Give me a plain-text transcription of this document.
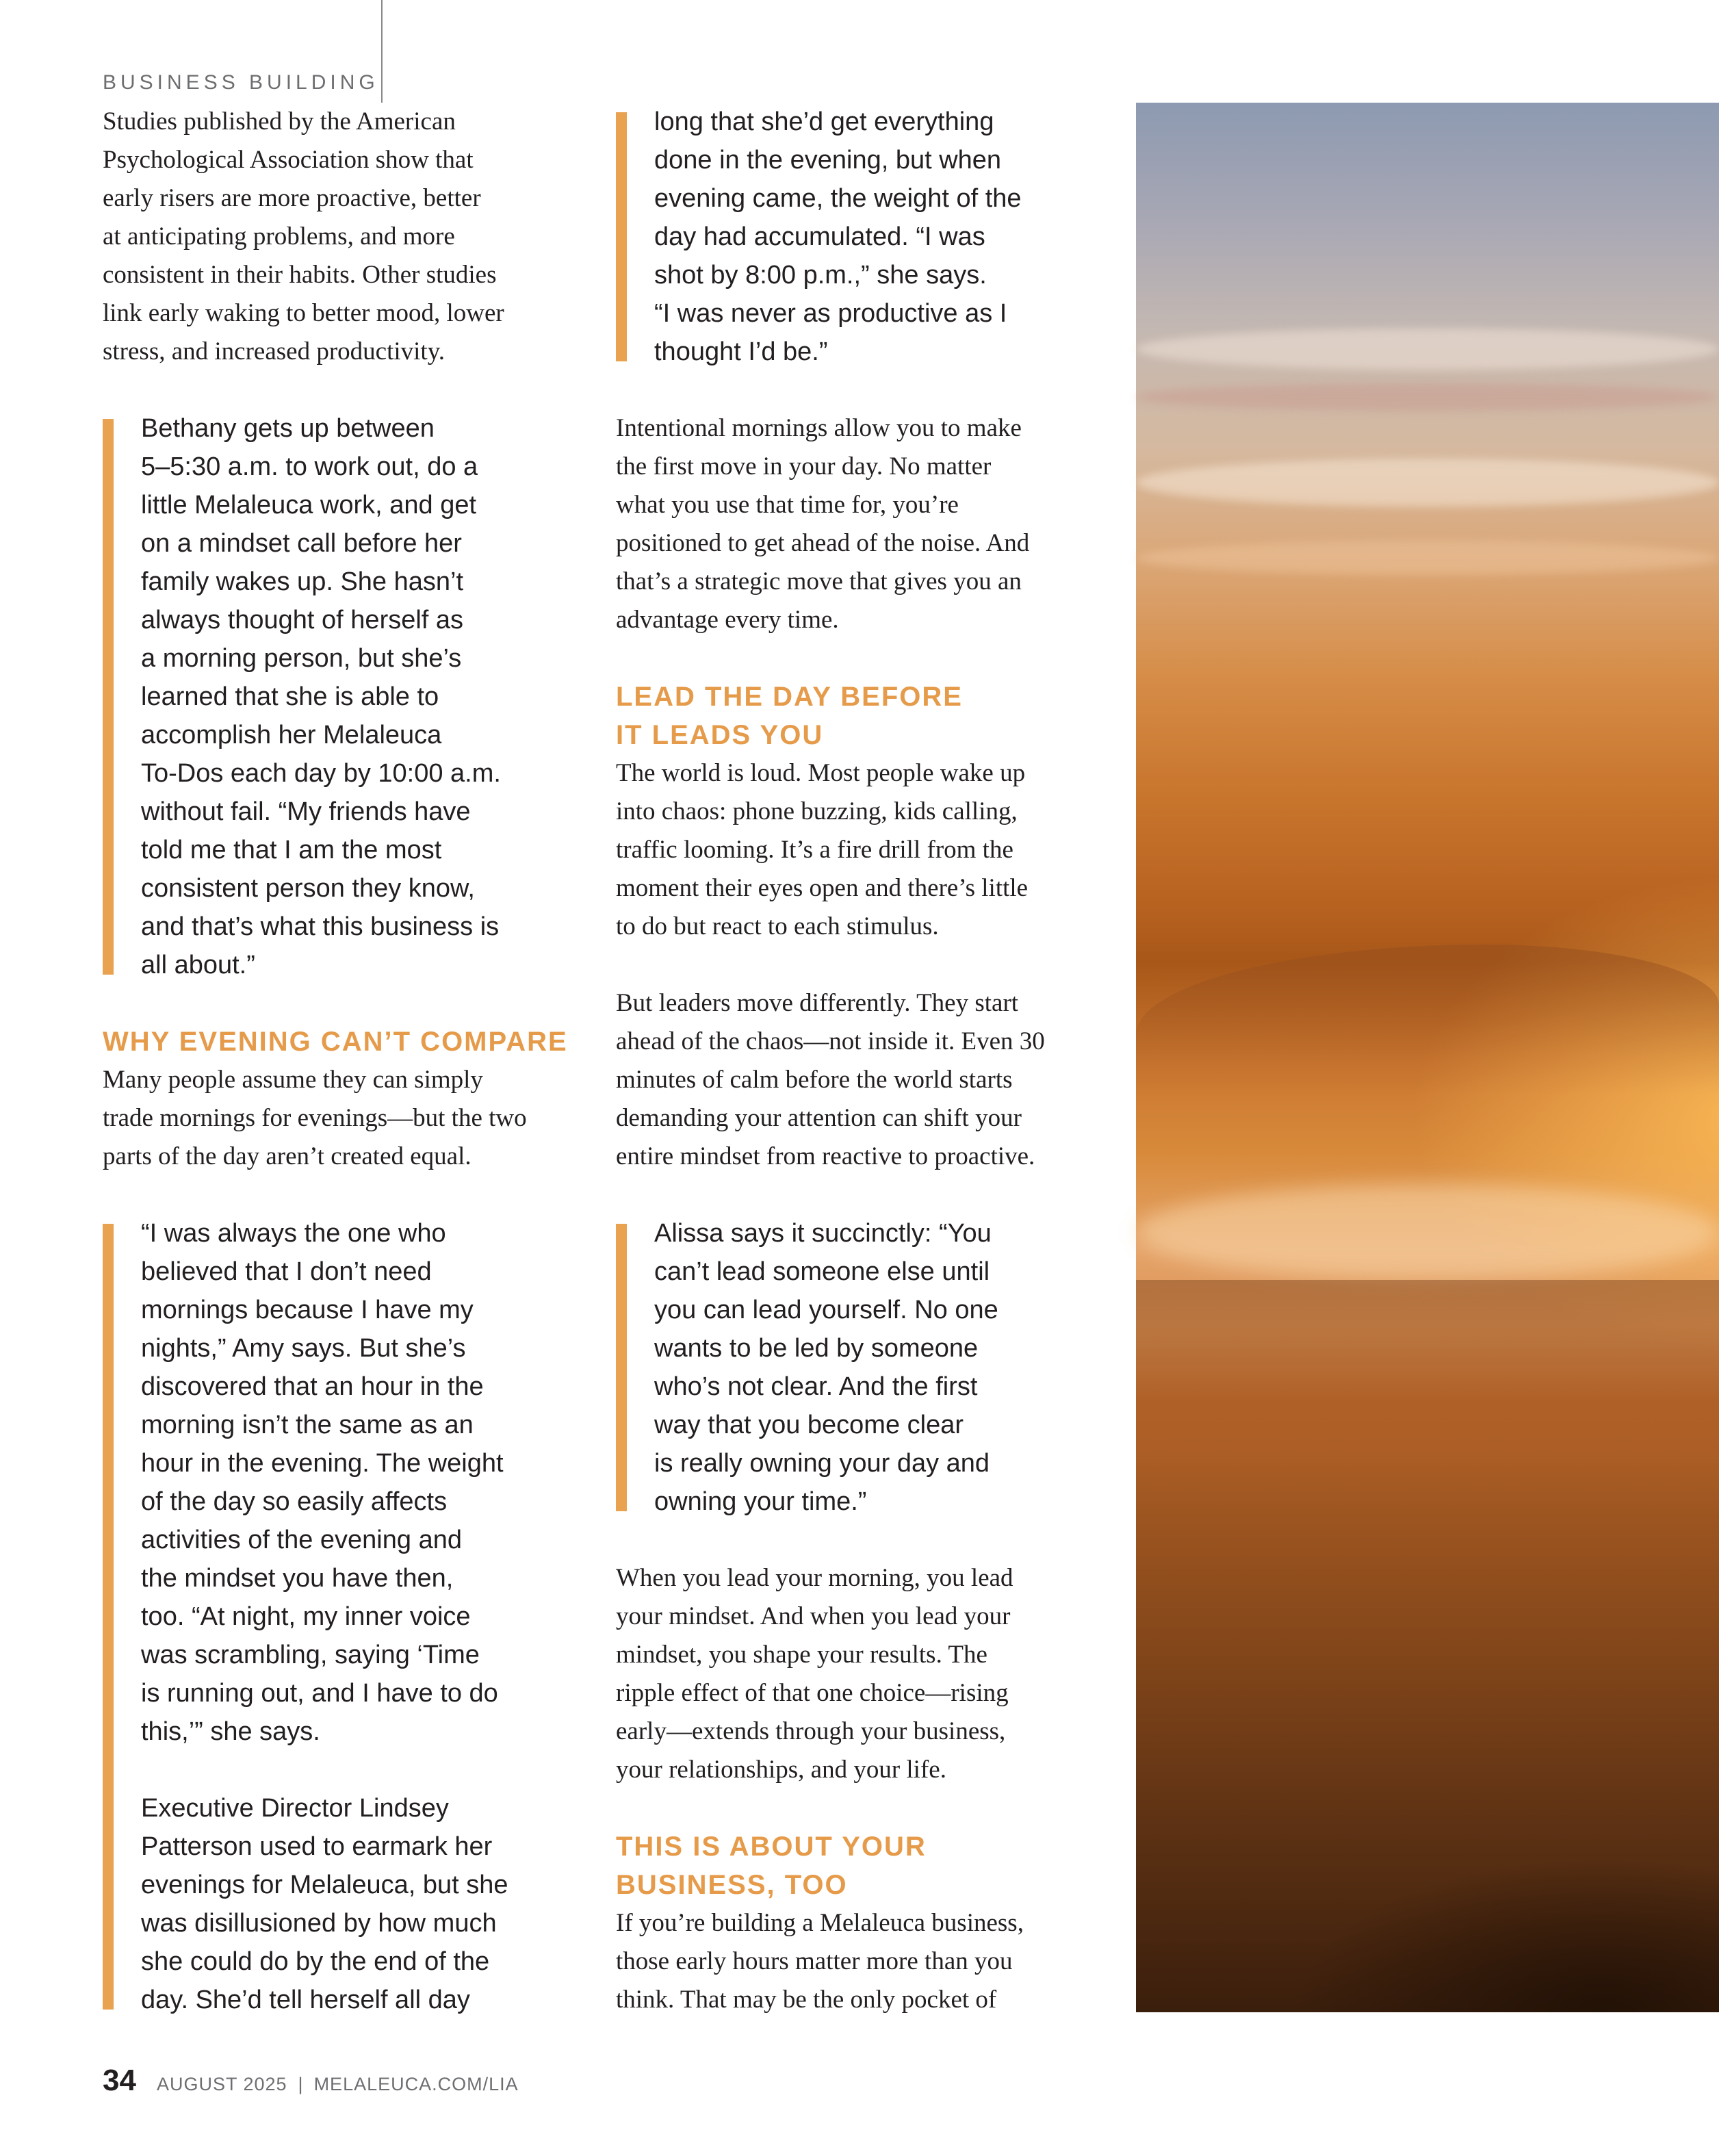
BUSINESS BUILDING
Studies published by the American
Psychological Association show that
early risers are more proactive, better
at anticipating problems, and more
consistent in their habits. Other studies
link early waking to better mood, lower
stress, and increased productivity.
Bethany gets up between
5–5:30 a.m. to work out, do a
little Melaleuca work, and get
on a mindset call before her
family wakes up. She hasn’t
always thought of herself as
a morning person, but she’s
learned that she is able to
accomplish her Melaleuca
To-Dos each day by 10:00 a.m.
without fail. “My friends have
told me that I am the most
consistent person they know,
and that’s what this business is
all about.”
WHY EVENING CAN’T COMPARE
Many people assume they can simply
trade mornings for evenings—but the two
parts of the day aren’t created equal.
“I was always the one who
believed that I don’t need
mornings because I have my
nights,” Amy says. But she’s
discovered that an hour in the
morning isn’t the same as an
hour in the evening. The weight
of the day so easily affects
activities of the evening and
the mindset you have then,
too. “At night, my inner voice
was scrambling, saying ‘Time
is running out, and I have to do
this,’” she says.
Executive Director Lindsey
Patterson used to earmark her
evenings for Melaleuca, but she
was disillusioned by how much
she could do by the end of the
day. She’d tell herself all day
long that she’d get everything
done in the evening, but when
evening came, the weight of the
day had accumulated. “I was
shot by 8:00 p.m.,” she says.
“I was never as productive as I
thought I’d be.”
Intentional mornings allow you to make
the first move in your day. No matter
what you use that time for, you’re
positioned to get ahead of the noise. And
that’s a strategic move that gives you an
advantage every time.
LEAD THE DAY BEFORE
IT LEADS YOU
The world is loud. Most people wake up
into chaos: phone buzzing, kids calling,
traffic looming. It’s a fire drill from the
moment their eyes open and there’s little
to do but react to each stimulus.
But leaders move differently. They start
ahead of the chaos—not inside it. Even 30
minutes of calm before the world starts
demanding your attention can shift your
entire mindset from reactive to proactive.
Alissa says it succinctly: “You
can’t lead someone else until
you can lead yourself. No one
wants to be led by someone
who’s not clear. And the first
way that you become clear
is really owning your day and
owning your time.”
When you lead your morning, you lead
your mindset. And when you lead your
mindset, you shape your results. The
ripple effect of that one choice—rising
early—extends through your business,
your relationships, and your life.
THIS IS ABOUT YOUR
BUSINESS, TOO
If you’re building a Melaleuca business,
those early hours matter more than you
think. That may be the only pocket of
34 AUGUST 2025 | MELALEUCA.COM/LIA
